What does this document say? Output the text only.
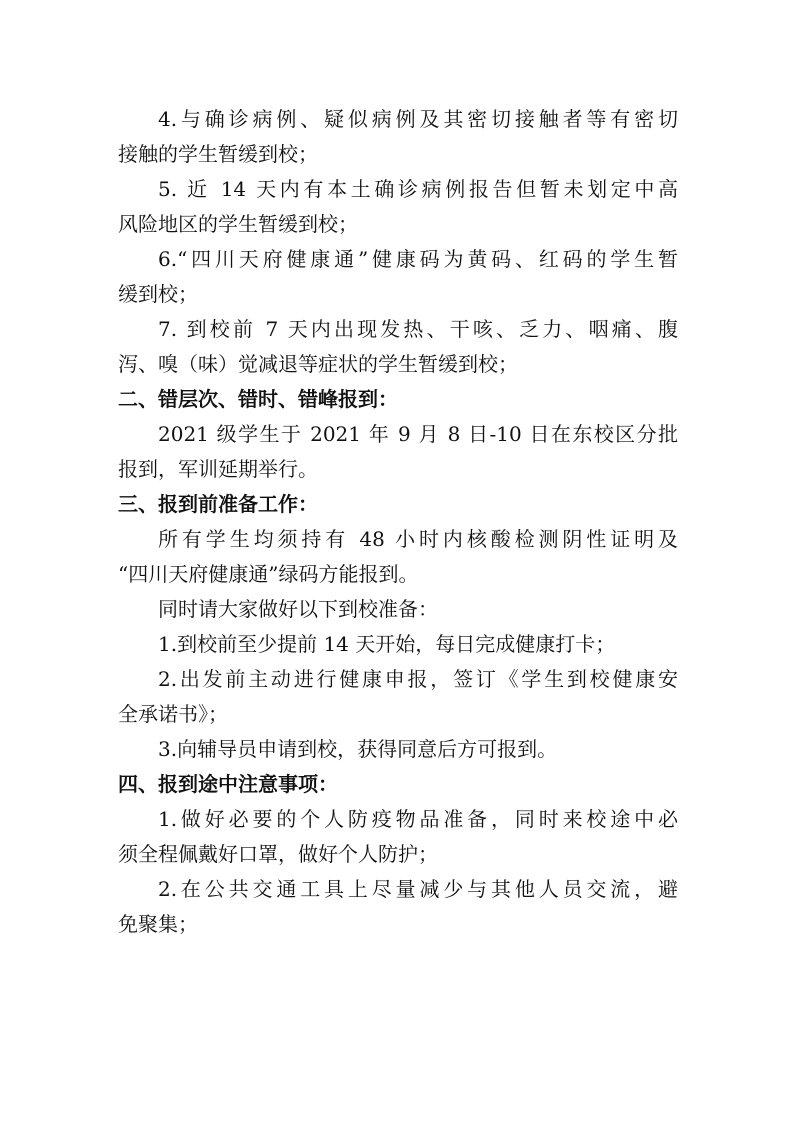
4.与确诊病例、疑似病例及其密切接触者等有密切
接触的学生暂缓到校；
5. 近 14 天内有本土确诊病例报告但暂未划定中高
风险地区的学生暂缓到校；
6.“四川天府健康通”健康码为黄码、红码的学生暂
缓到校；
7. 到校前 7 天内出现发热、干咳、乏力、咽痛、腹
泻、嗅（味）觉减退等症状的学生暂缓到校；
二、错层次、错时、错峰报到：
2021 级学生于 2021 年 9 月 8 日-10 日在东校区分批
报到，军训延期举行。
三、报到前准备工作：
所有学生均须持有 48 小时内核酸检测阴性证明及
“四川天府健康通”绿码方能报到。
同时请大家做好以下到校准备：
1.到校前至少提前 14 天开始，每日完成健康打卡；
2.出发前主动进行健康申报，签订《学生到校健康安
全承诺书》；
3.向辅导员申请到校，获得同意后方可报到。
四、报到途中注意事项：
1.做好必要的个人防疫物品准备，同时来校途中必
须全程佩戴好口罩，做好个人防护；
2.在公共交通工具上尽量减少与其他人员交流，避
免聚集；
